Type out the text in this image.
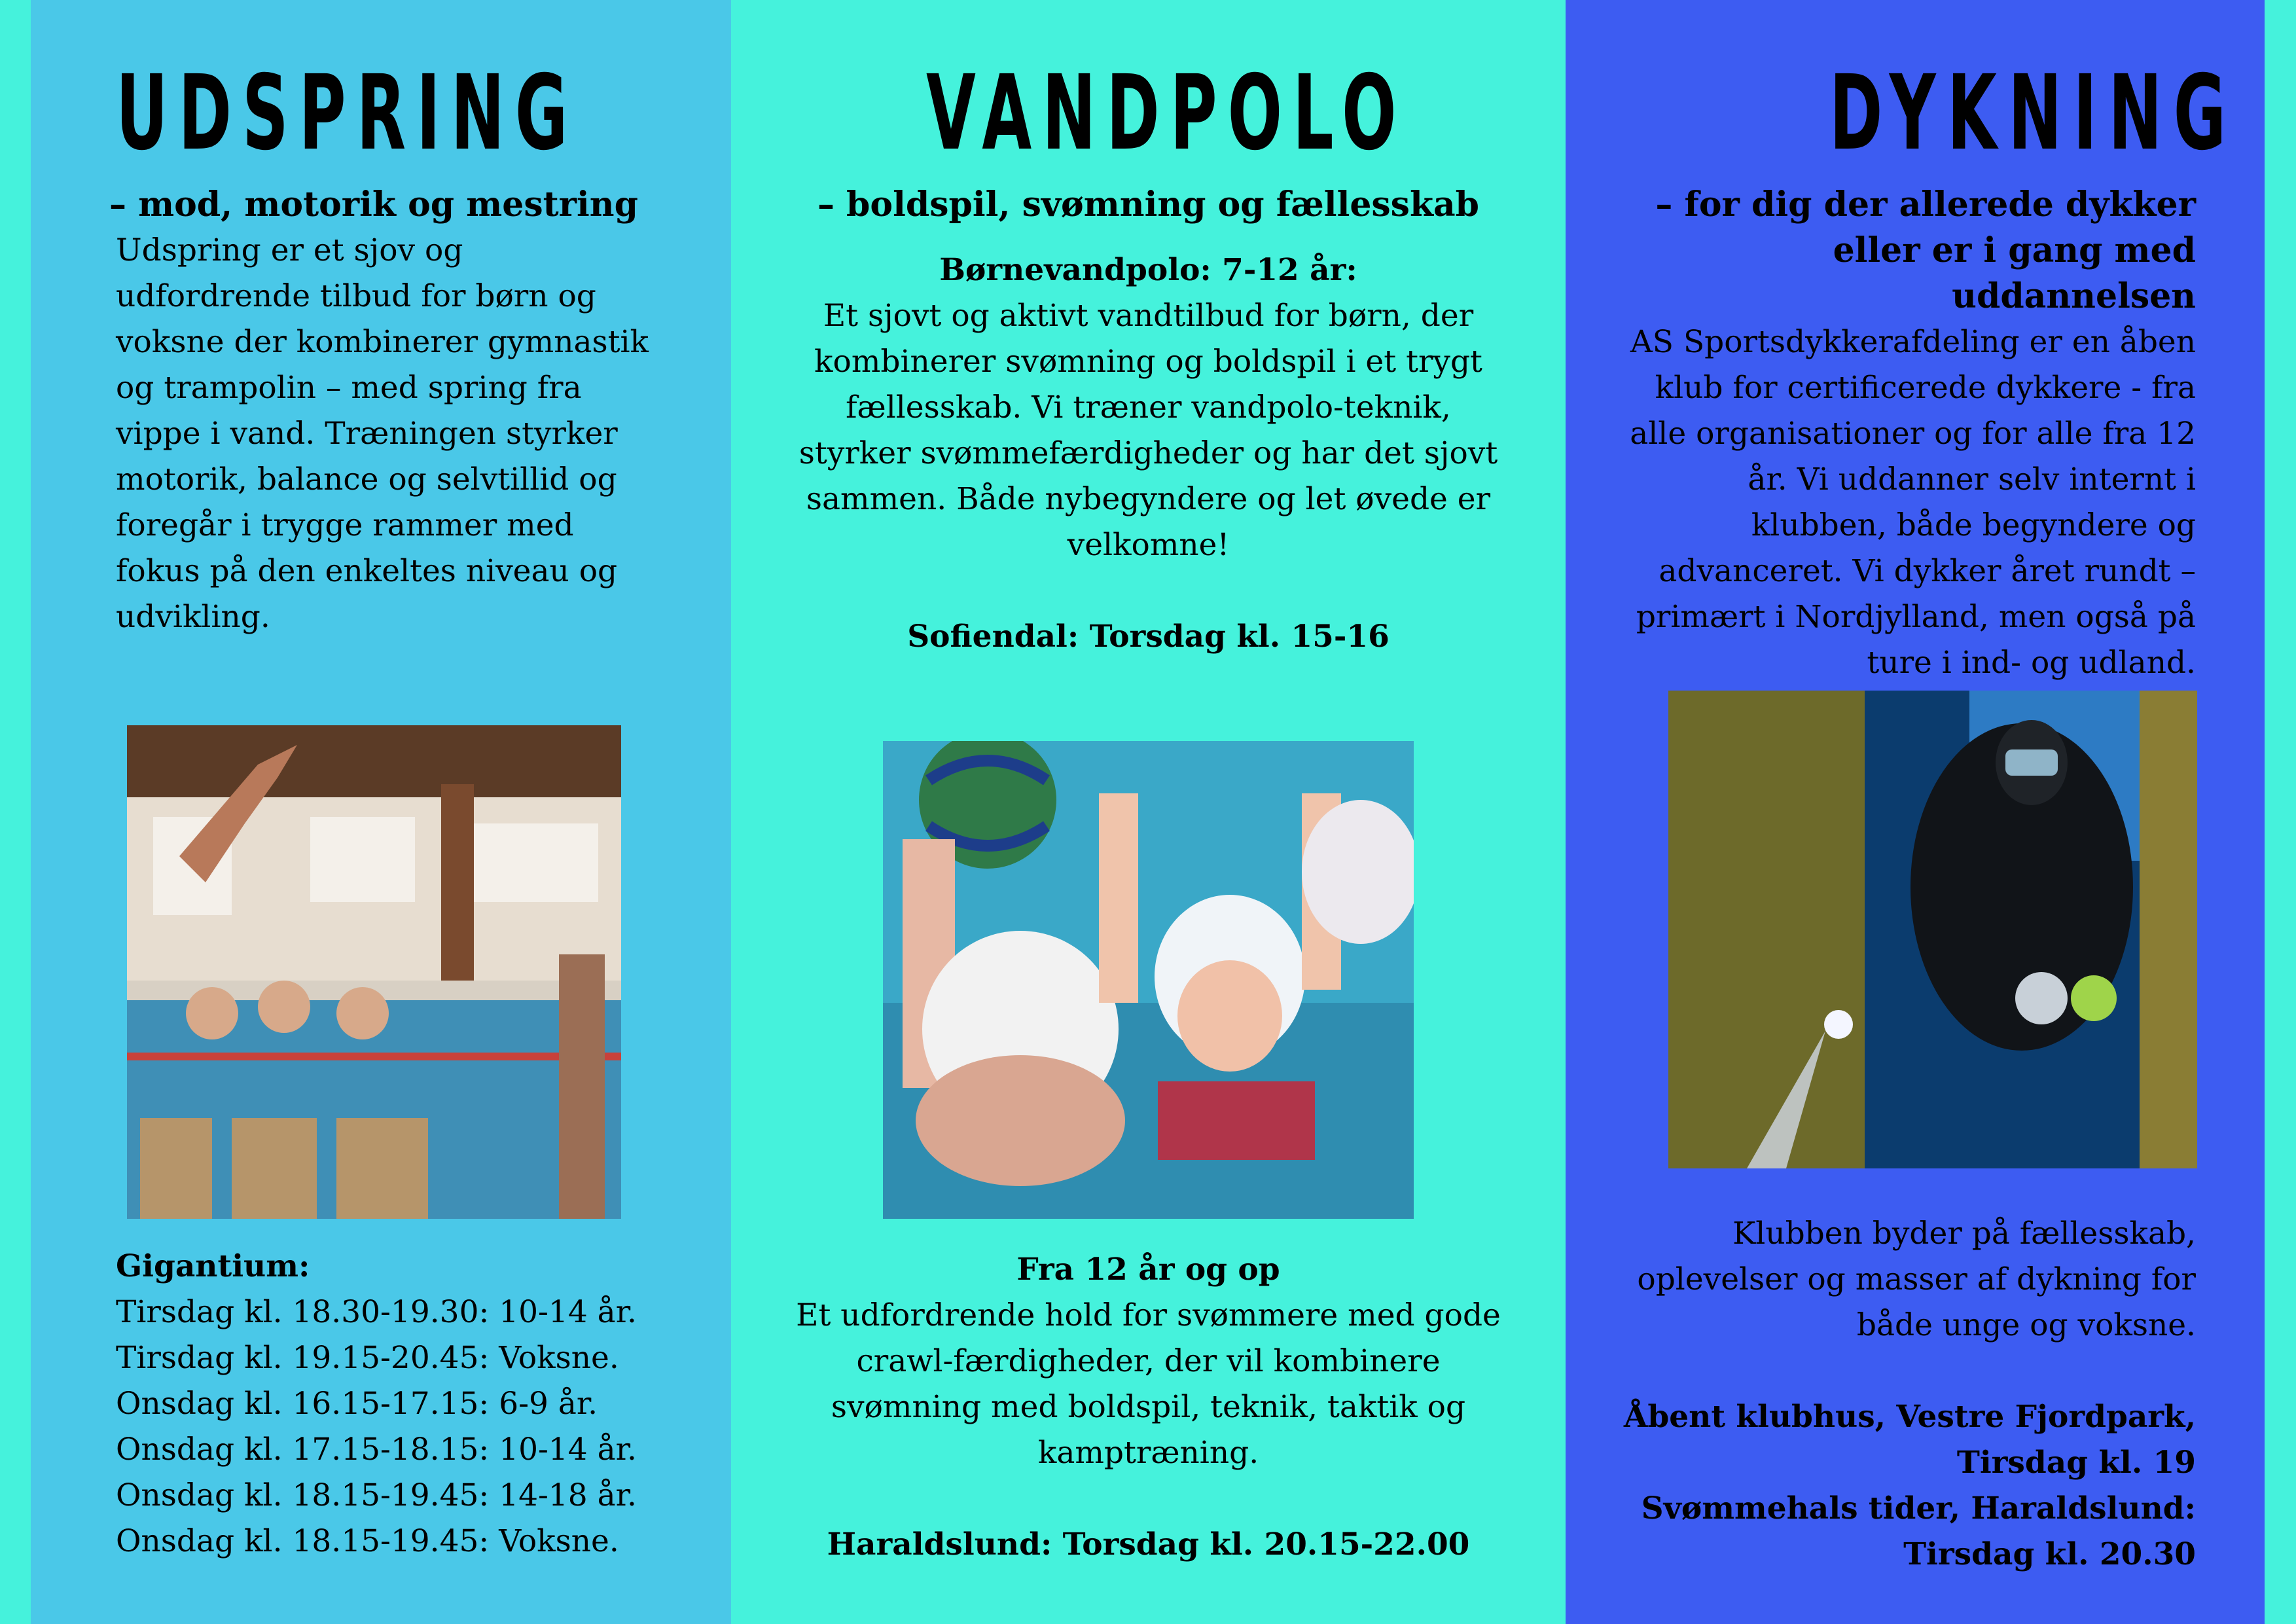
UDSPRING

– mod, motorik og mestring

Udspring er et sjov og udfordrende tilbud for børn og voksne der kombinerer gymnastik og trampolin – med spring fra vippe i vand. Træningen styrker motorik, balance og selvtillid og foregår i trygge rammer med fokus på den enkeltes niveau og udvikling.

Gigantium:

Tirsdag kl. 18.30-19.30: 10-14 år.

Tirsdag kl. 19.15-20.45: Voksne.

Onsdag kl. 16.15-17.15: 6-9 år.

Onsdag kl. 17.15-18.15: 10-14 år.

Onsdag kl. 18.15-19.45: 14-18 år.

Onsdag kl. 18.15-19.45: Voksne.

VANDPOLO

– boldspil, svømning og fællesskab

Børnevandpolo: 7-12 år:

Et sjovt og aktivt vandtilbud for børn, der kombinerer svømning og boldspil i et trygt fællesskab. Vi træner vandpolo-teknik, styrker svømmefærdigheder og har det sjovt sammen. Både nybegyndere og let øvede er velkomne!

Sofiendal: Torsdag kl. 15-16

Fra 12 år og op

Et udfordrende hold for svømmere med gode crawl-færdigheder, der vil kombinere svømning med boldspil, teknik, taktik og kamptræning.

Haraldslund: Torsdag kl. 20.15-22.00

DYKNING

– for dig der allerede dykker eller er i gang med uddannelsen

AS Sportsdykkerafdeling er en åben klub for certificerede dykkere - fra alle organisationer og for alle fra 12 år. Vi uddanner selv internt i klubben, både begyndere og advanceret. Vi dykker året rundt – primært i Nordjylland, men også på ture i ind- og udland.

Klubben byder på fællesskab, oplevelser og masser af dykning for både unge og voksne.

Åbent klubhus, Vestre Fjordpark, Tirsdag kl. 19

Svømmehals tider, Haraldslund: Tirsdag kl. 20.30
